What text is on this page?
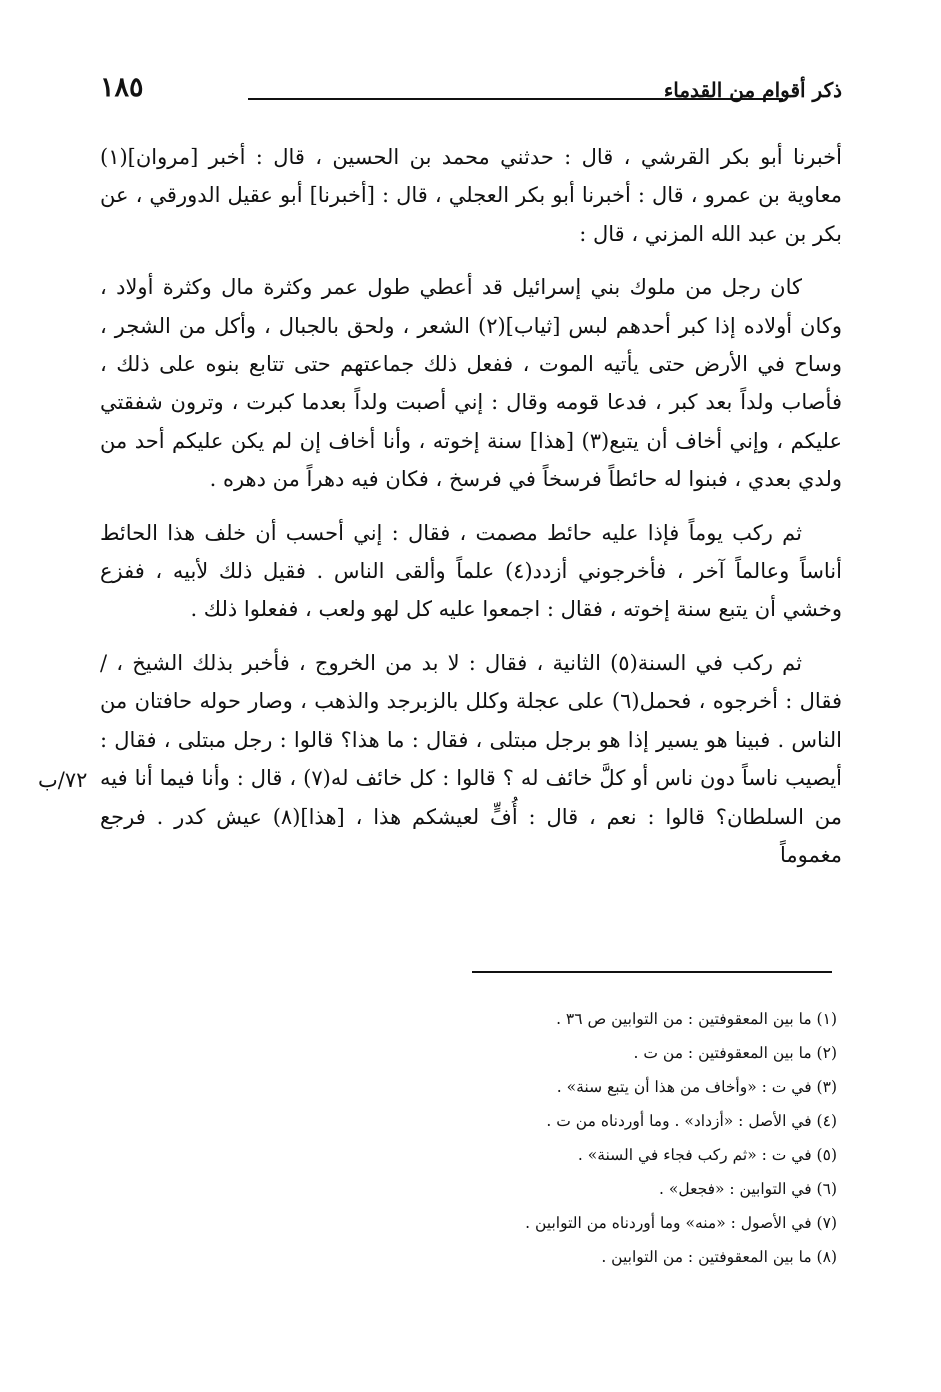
١٨٥	ذكر أقوام من القدماء

أخبرنا أبو بكر القرشي ، قال : حدثني محمد بن الحسين ، قال : أخبر [مروان](١) معاوية بن عمرو ، قال : أخبرنا أبو بكر العجلي ، قال : [أخبرنا] أبو عقيل الدورقي ، عن بكر بن عبد الله المزني ، قال :

كان رجل من ملوك بني إسرائيل قد أعطي طول عمر وكثرة مال وكثرة أولاد ، وكان أولاده إذا كبر أحدهم لبس [ثياب](٢) الشعر ، ولحق بالجبال ، وأكل من الشجر ، وساح في الأرض حتى يأتيه الموت ، ففعل ذلك جماعتهم حتى تتابع بنوه على ذلك ، فأصاب ولداً بعد كبر ، فدعا قومه وقال : إني أصبت ولداً بعدما كبرت ، وترون شفقتي عليكم ، وإني أخاف أن يتبع(٣) [هذا] سنة إخوته ، وأنا أخاف إن لم يكن عليكم أحد من ولدي بعدي ، فبنوا له حائطاً فرسخاً في فرسخ ، فكان فيه دهراً من دهره .

ثم ركب يوماً فإذا عليه حائط مصمت ، فقال : إني أحسب أن خلف هذا الحائط أناساً وعالماً آخر ، فأخرجوني أزدد(٤) علماً وألقى الناس . فقيل ذلك لأبيه ، ففزع وخشي أن يتبع سنة إخوته ، فقال : اجمعوا عليه كل لهو ولعب ، ففعلوا ذلك .

ثم ركب في السنة(٥) الثانية ، فقال : لا بد من الخروج ، فأخبر بذلك الشيخ ، / فقال : أخرجوه ، فحمل(٦) على عجلة وكلل بالزبرجد والذهب ، وصار حوله حافتان من الناس . فبينا هو يسير إذا هو برجل مبتلى ، فقال : ما هذا؟ قالوا : رجل مبتلى ، فقال : أيصيب ناساً دون ناس أو كلَّ خائف له ؟ قالوا : كل خائف له(٧) ، قال : وأنا فيما أنا فيه من السلطان؟ قالوا : نعم ، قال : أُفٍّ لعيشكم هذا ، [هذا](٨) عيش كدر . فرجع مغموماً

٧٢/ب

(١) ما بين المعقوفتين : من التوابين ص ٣٦ .

(٢) ما بين المعقوفتين : من ت .

(٣) في ت : «وأخاف من هذا أن يتبع سنة» .

(٤) في الأصل : «أزداد» . وما أوردناه من ت .

(٥) في ت : «ثم ركب فجاء في السنة» .

(٦) في التوابين : «فجعل» .

(٧) في الأصول : «منه» وما أوردناه من التوابين .

(٨) ما بين المعقوفتين : من التوابين .
